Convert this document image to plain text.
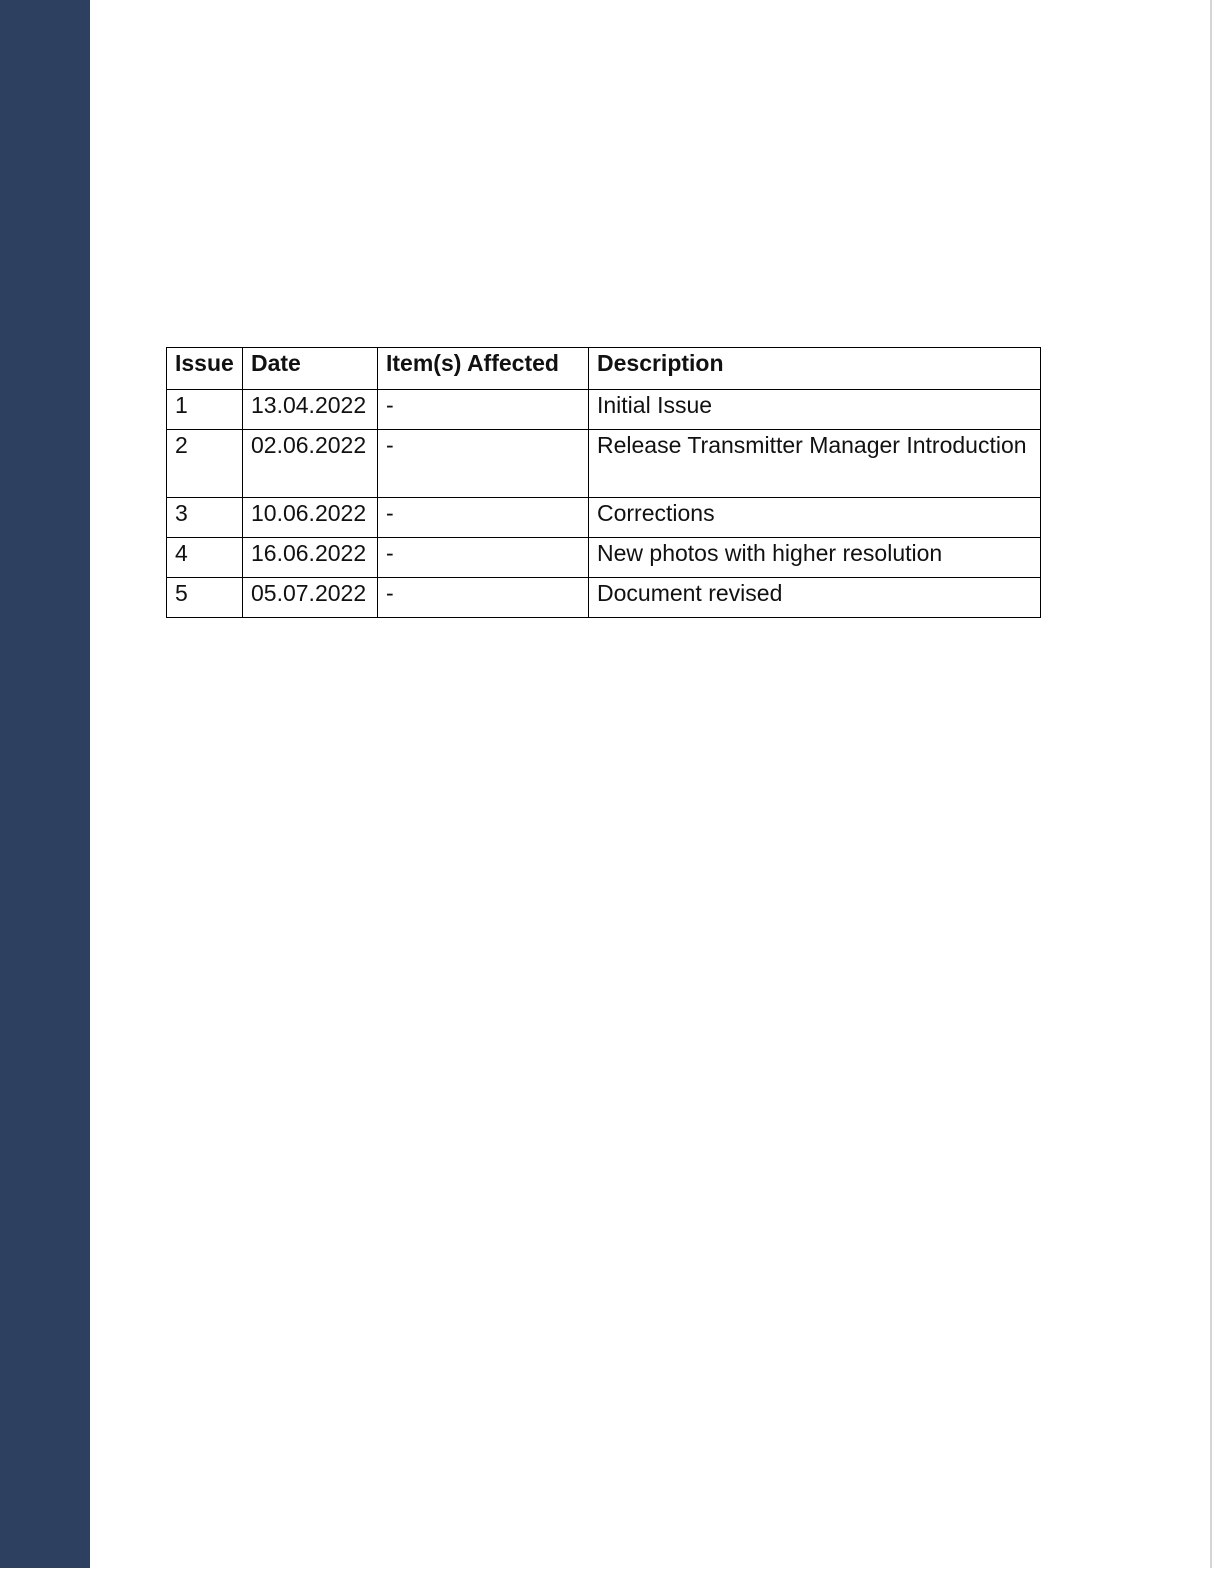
Issue	Date	Item(s) Affected	Description
1	13.04.2022	-	Initial Issue
2	02.06.2022	-	Release Transmitter Manager Introduction
3	10.06.2022	-	Corrections
4	16.06.2022	-	New photos with higher resolution
5	05.07.2022	-	Document revised
